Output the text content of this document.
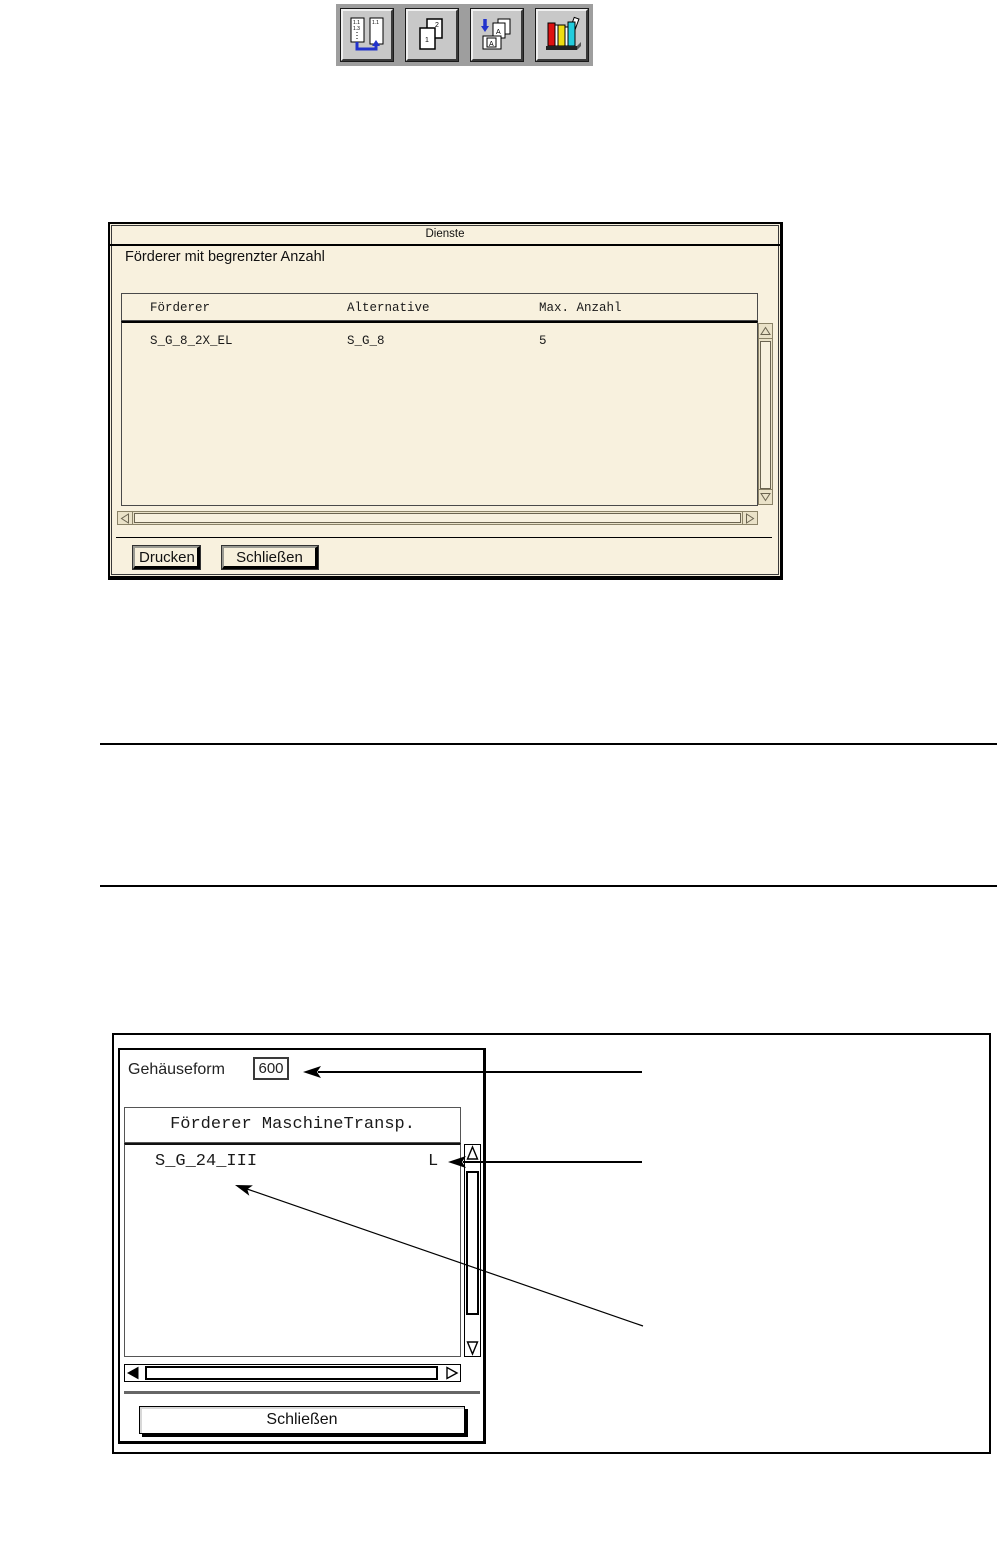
1.1
1.3
1.1	2
1
A
A
Dienste
Förderer mit begrenzter Anzahl
Förderer	Alternative	Max. Anzahl
S_G_8_2X_EL	S_G_8	5
Drucken	Schließen
Gehäuseform 600
Förderer MaschineTransp.
S_G_24_III	L
Schließen
